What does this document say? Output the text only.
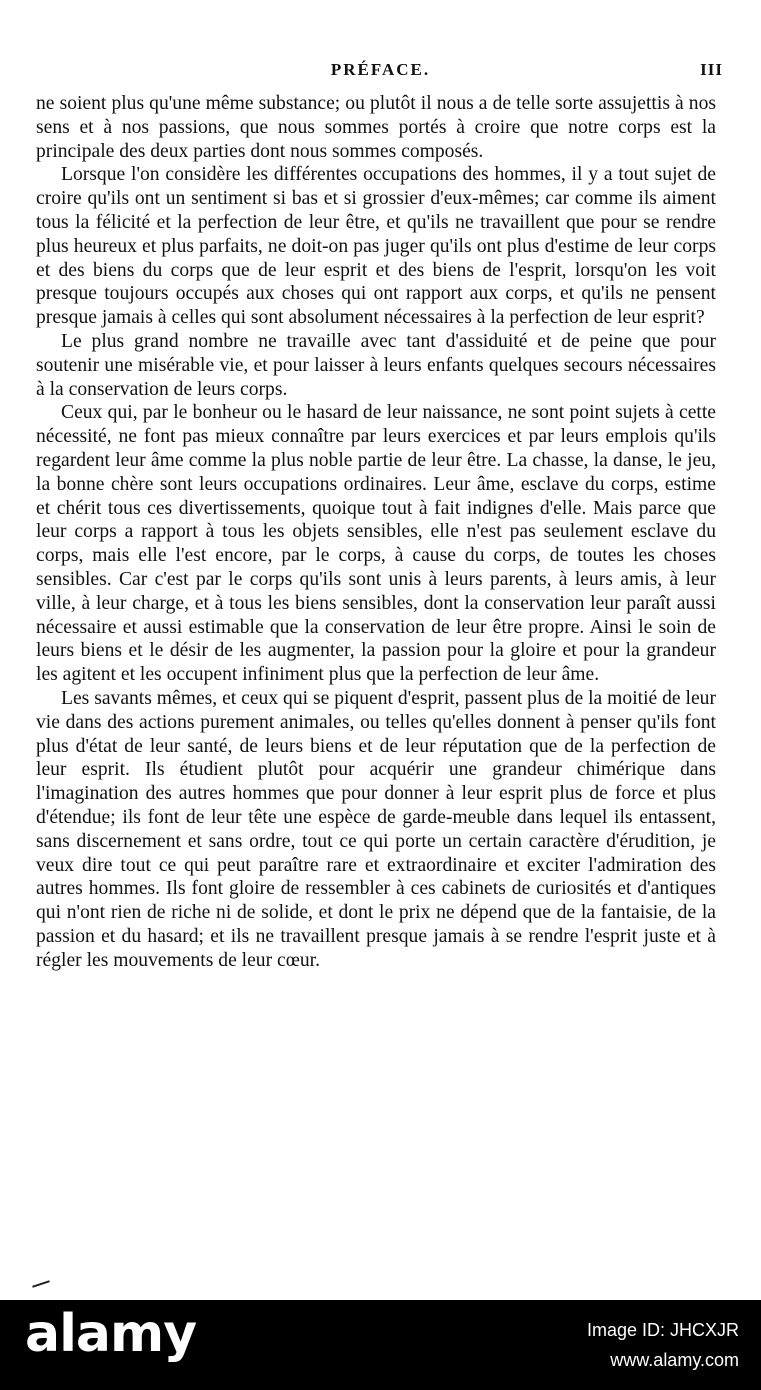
PRÉFACE.	III

ne soient plus qu'une même substance; ou plutôt il nous a de telle sorte assujettis à nos sens et à nos passions, que nous sommes portés à croire que notre corps est la principale des deux parties dont nous sommes composés.

Lorsque l'on considère les différentes occupations des hommes, il y a tout sujet de croire qu'ils ont un sentiment si bas et si grossier d'eux-mêmes; car comme ils aiment tous la félicité et la perfection de leur être, et qu'ils ne travaillent que pour se rendre plus heureux et plus parfaits, ne doit-on pas juger qu'ils ont plus d'estime de leur corps et des biens du corps que de leur esprit et des biens de l'esprit, lorsqu'on les voit presque toujours occupés aux choses qui ont rapport aux corps, et qu'ils ne pensent presque jamais à celles qui sont absolument nécessaires à la perfection de leur esprit?

Le plus grand nombre ne travaille avec tant d'assiduité et de peine que pour soutenir une misérable vie, et pour laisser à leurs enfants quelques secours nécessaires à la conservation de leurs corps.

Ceux qui, par le bonheur ou le hasard de leur naissance, ne sont point sujets à cette nécessité, ne font pas mieux connaître par leurs exercices et par leurs emplois qu'ils regardent leur âme comme la plus noble partie de leur être. La chasse, la danse, le jeu, la bonne chère sont leurs occupations ordinaires. Leur âme, esclave du corps, estime et chérit tous ces divertissements, quoique tout à fait indignes d'elle. Mais parce que leur corps a rapport à tous les objets sensibles, elle n'est pas seulement esclave du corps, mais elle l'est encore, par le corps, à cause du corps, de toutes les choses sensibles. Car c'est par le corps qu'ils sont unis à leurs parents, à leurs amis, à leur ville, à leur charge, et à tous les biens sensibles, dont la conservation leur paraît aussi nécessaire et aussi estimable que la conservation de leur être propre. Ainsi le soin de leurs biens et le désir de les augmenter, la passion pour la gloire et pour la grandeur les agitent et les occupent infiniment plus que la perfection de leur âme.

Les savants mêmes, et ceux qui se piquent d'esprit, passent plus de la moitié de leur vie dans des actions purement animales, ou telles qu'elles donnent à penser qu'ils font plus d'état de leur santé, de leurs biens et de leur réputation que de la perfection de leur esprit. Ils étudient plutôt pour acquérir une grandeur chimérique dans l'imagination des autres hommes que pour donner à leur esprit plus de force et plus d'étendue; ils font de leur tête une espèce de garde-meuble dans lequel ils entassent, sans discernement et sans ordre, tout ce qui porte un certain caractère d'érudition, je veux dire tout ce qui peut paraître rare et extraordinaire et exciter l'admiration des autres hommes. Ils font gloire de ressembler à ces cabinets de curiosités et d'antiques qui n'ont rien de riche ni de solide, et dont le prix ne dépend que de la fantaisie, de la passion et du hasard; et ils ne travaillent presque jamais à se rendre l'esprit juste et à régler les mouvements de leur cœur.

alamy	Image ID: JHCXJR
www.alamy.com
